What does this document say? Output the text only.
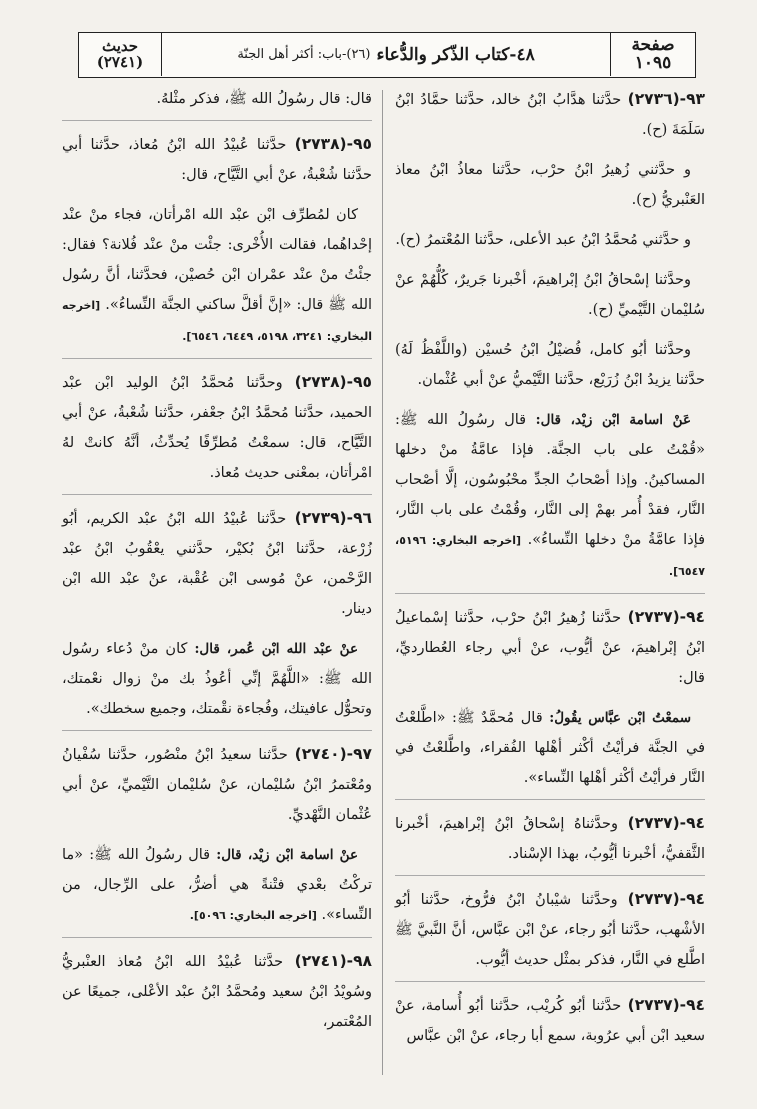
صفحة
١٠٩٥
٤٨-كتاب الذّكر والدُّعاء
(٢٦)-باب: أكثر أهل الجنّة
حديث
(٢٧٤١)

٩٣-(٢٧٣٦) حدَّثنا هدَّابُ ابْنُ خالد، حدَّثنا حمَّادُ ابْنُ سَلَمَةَ (ح).

و حدَّثني زُهيرُ ابْنُ حرْب، حدَّثنا معاذُ ابْنُ معاذ العَنْبريُّ (ح).

و حدَّثني مُحمَّدُ ابْنُ عبد الأعلى، حدَّثنا المُعْتمرُ (ح).

وحدَّثنا إسْحاقُ ابْنُ إبْراهيمَ، أخْبرنا جَريرٌ، كُلُّهُمْ عنْ سُليْمان التَّيْميِّ (ح).

وحدَّثنا أبُو كامل، فُضيْلُ ابْنُ حُسيْن (واللَّفْظُ لَهُ) حدَّثنا يزيدُ ابْنُ زُرَيْع، حدَّثنا التَّيْميُّ عنْ أبي عُثْمان.

عَنْ اسامة ابْن زيْد، قال: قال رسُولُ الله ﷺ: «قُمْتُ على باب الجنَّة. فإذا عامَّةُ منْ دخلها المساكينُ. وإذا أصْحابُ الجدِّ محْبُوسُون، إلَّا أصْحاب النَّار، فقدْ أُمر بهمْ إلى النَّار، وقُمْتُ على باب النَّار، فإذا عامَّةُ منْ دخلها النِّساءُ». [اخرجه البخاري: ٥١٩٦، ٦٥٤٧].

٩٤-(٢٧٣٧) حدَّثنا زُهيرُ ابْنُ حرْب، حدَّثنا إسْماعيلُ ابْنُ إبْراهيمَ، عنْ أيُّوب، عنْ أبي رجاء العُطارديِّ، قال:

سمعْتُ ابْن عبَّاس يقُولُ: قال مُحمَّدٌ ﷺ: «اطَّلعْتُ في الجنَّة فرأيْتُ أكْثر أهْلها الفُقراء، واطَّلعْتُ في النَّار فرأيْتُ أكْثر أهْلها النِّساء».

٩٤-(٢٧٣٧) وحدَّثناهُ إسْحاقُ ابْنُ إبْراهيمَ، أخْبرنا الثَّقفيُّ، أخْبرنا أيُّوبُ، بهذا الإسْناد.

٩٤-(٢٧٣٧) وحدَّثنا شيْبانُ ابْنُ فرُّوخ، حدَّثنا أبُو الأشْهب، حدَّثنا أبُو رجاء، عنْ ابْن عبَّاس، أنَّ النَّبيَّ ﷺ اطَّلع في النَّار، فذكر بمثْل حديث أيُّوب.

٩٤-(٢٧٣٧) حدَّثنا أبُو كُريْب، حدَّثنا أبُو أُسامة، عنْ سعيد ابْن أبي عرُوبة، سمع أبا رجاء، عنْ ابْن عبَّاس

قال: قال رسُولُ الله ﷺ، فذكر مثْلهُ.

٩٥-(٢٧٣٨) حدَّثنا عُبيْدُ الله ابْنُ مُعاذ، حدَّثنا أبي حدَّثنا شُعْبةُ، عنْ أبي التَّيَّاح، قال:

كان لمُطرِّف ابْن عبْد الله امْرأتان، فجاء منْ عنْد إحْداهُما، فقالت الأُخْرى: جئْت منْ عنْد فُلانة؟ فقال: جئْتُ منْ عنْد عمْران ابْن حُصيْن، فحدَّثنا، أنَّ رسُول الله ﷺ قال: «إنَّ أقلَّ ساكني الجنَّة النِّساءُ». [اخرجه البخاري: ٣٢٤١، ٥١٩٨، ٦٤٤٩، ٦٥٤٦].

٩٥-(٢٧٣٨) وحدَّثنا مُحمَّدُ ابْنُ الوليد ابْن عبْد الحميد، حدَّثنا مُحمَّدُ ابْنُ جعْفر، حدَّثنا شُعْبةُ، عنْ أبي التَّيَّاح، قال: سمعْتُ مُطرِّفًا يُحدِّثُ، أنَّهُ كانتْ لهُ امْرأتان، بمعْنى حديث مُعاذ.

٩٦-(٢٧٣٩) حدَّثنا عُبيْدُ الله ابْنُ عبْد الكريم، أبُو زُرْعة، حدَّثنا ابْنُ بُكيْر، حدَّثني يعْقُوبُ ابْنُ عبْد الرَّحْمن، عنْ مُوسى ابْن عُقْبة، عنْ عبْد الله ابْن دينار.

عنْ عبْد الله ابْن عُمر، قال: كان منْ دُعاء رسُول الله ﷺ: «اللَّهُمَّ إنِّي أعُوذُ بك منْ زوال نعْمتك، وتحوُّل عافيتك، وفُجاءة نقْمتك، وجميع سخطك».

٩٧-(٢٧٤٠) حدَّثنا سعيدُ ابْنُ منْصُور، حدَّثنا سُفْيانُ ومُعْتمرُ ابْنُ سُليْمان، عنْ سُليْمان التَّيْميِّ، عنْ أبي عُثْمان النَّهْديِّ.

عنْ اسامة ابْن زيْد، قال: قال رسُولُ الله ﷺ: «ما تركْتُ بعْدي فتْنةً هي أضرُّ، على الرِّجال، من النِّساء». [اخرجه البخاري: ٥٠٩٦].

٩٨-(٢٧٤١) حدَّثنا عُبيْدُ الله ابْنُ مُعاذ العنْبريُّ وسُويْدُ ابْنُ سعيد ومُحمَّدُ ابْنُ عبْد الأعْلى، جميعًا عن المُعْتمر،
